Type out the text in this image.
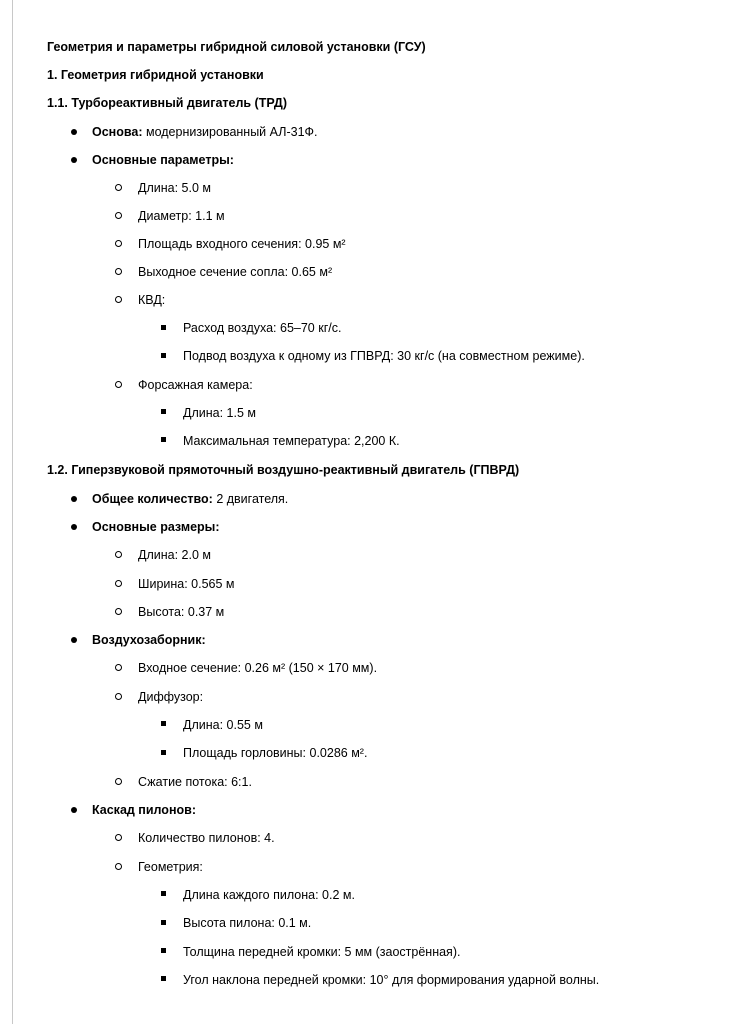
Геометрия и параметры гибридной силовой установки (ГСУ)
1. Геометрия гибридной установки
1.1. Турбореактивный двигатель (ТРД)
Основа: модернизированный АЛ-31Ф.
Основные параметры:
Длина: 5.0 м
Диаметр: 1.1 м
Площадь входного сечения: 0.95 м²
Выходное сечение сопла: 0.65 м²
КВД:
Расход воздуха: 65–70 кг/с.
Подвод воздуха к одному из ГПВРД: 30 кг/с (на совместном режиме).
Форсажная камера:
Длина: 1.5 м
Максимальная температура: 2,200 К.
1.2. Гиперзвуковой прямоточный воздушно-реактивный двигатель (ГПВРД)
Общее количество: 2 двигателя.
Основные размеры:
Длина: 2.0 м
Ширина: 0.565 м
Высота: 0.37 м
Воздухозаборник:
Входное сечение: 0.26 м² (150 × 170 мм).
Диффузор:
Длина: 0.55 м
Площадь горловины: 0.0286 м².
Сжатие потока: 6:1.
Каскад пилонов:
Количество пилонов: 4.
Геометрия:
Длина каждого пилона: 0.2 м.
Высота пилона: 0.1 м.
Толщина передней кромки: 5 мм (заострённая).
Угол наклона передней кромки: 10° для формирования ударной волны.
